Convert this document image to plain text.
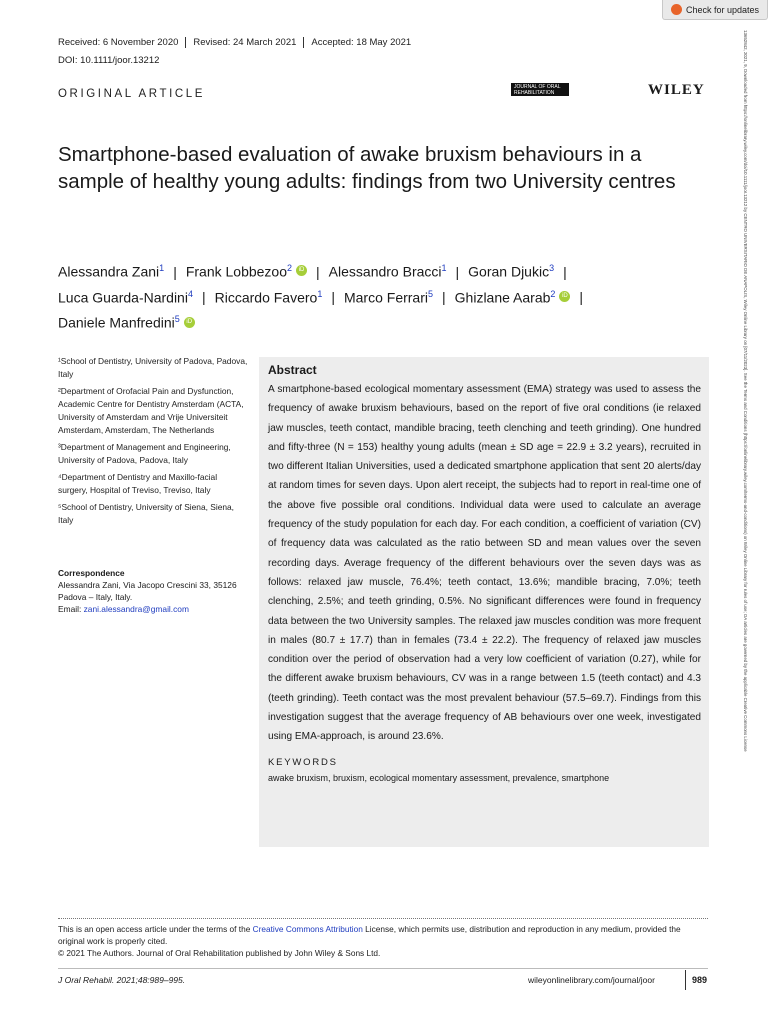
Check for updates
Received: 6 November 2020 Revised: 24 March 2021 Accepted: 18 May 2021
DOI: 10.1111/joor.13212
ORIGINAL ARTICLE
JOURNAL OF ORAL
REHABILITATION	WILEY
Smartphone-based evaluation of awake bruxism behaviours in a sample of healthy young adults: findings from two University centres
Alessandra Zani$^1$ | Frank Lobbezoo$^2$ iD | Alessandro Bracci$^1$ | Goran Djukic$^3$ |
Luca Guarda-Nardini$^4$ | Riccardo Favero$^1$ | Marco Ferrari$^5$ | Ghizlane Aarab$^2$ iD |
Daniele Manfredini$^5$ iD

¹School of Dentistry, University of Padova, Padova, Italy

²Department of Orofacial Pain and Dysfunction, Academic Centre for Dentistry Amsterdam (ACTA, University of Amsterdam and Vrije Universiteit Amsterdam, Amsterdam, The Netherlands

³Department of Management and Engineering, University of Padova, Padova, Italy

⁴Department of Dentistry and Maxillo-facial surgery, Hospital of Treviso, Treviso, Italy

⁵School of Dentistry, University of Siena, Siena, Italy

Correspondence
Alessandra Zani, Via Jacopo Crescini 33, 35126 Padova – Italy, Italy.
Email: zani.alessandra@gmail.com
Abstract
A smartphone-based ecological momentary assessment (EMA) strategy was used to assess the frequency of awake bruxism behaviours, based on the report of five oral conditions (ie relaxed jaw muscles, teeth contact, mandible bracing, teeth clenching and teeth grinding). One hundred and fifty-three (N = 153) healthy young adults (mean ± SD age = 22.9 ± 3.2 years), recruited in two different Italian Universities, used a dedicated smartphone application that sent 20 alerts/day at random times for seven days. Upon alert receipt, the subjects had to report in real-time one of the above five possible oral conditions. Individual data were used to calculate an average frequency of the study population for each day. For each condition, a coefficient of variation (CV) of frequency data was calculated as the ratio between SD and mean values over the seven recording days. Average frequency of the different behaviours over the seven days was as follows: relaxed jaw muscle, 76.4%; teeth contact, 13.6%; mandible bracing, 7.0%; teeth clenching, 2.5%; and teeth grinding, 0.5%. No significant differences were found in frequency data between the two University samples. The relaxed jaw muscles condition was more frequent in males (80.7 ± 17.7) than in females (73.4 ± 22.2). The frequency of relaxed jaw muscles condition over the period of observation had a very low coefficient of variation (0.27), while for the different awake bruxism behaviours, CV was in a range between 1.5 (teeth contact) and 4.3 (teeth grinding). Teeth contact was the most prevalent behaviour (57.5–69.7). Findings from this investigation suggest that the average frequency of AB behaviours over one week, investigated using EMA-approach, is around 23.6%.
KEYWORDS
awake bruxism, bruxism, ecological momentary assessment, prevalence, smartphone
This is an open access article under the terms of the Creative Commons Attribution License, which permits use, distribution and reproduction in any medium, provided the original work is properly cited.
© 2021 The Authors. Journal of Oral Rehabilitation published by John Wiley & Sons Ltd.
J Oral Rehabil. 2021;48:989–995.	wileyonlinelibrary.com/journal/joor	989
13652842, 2021, 9, Downloaded from https://onlinelibrary.wiley.com/doi/10.1111/joor.13212 by CENTRO UNIVERSITARIO DE ANAPOLIS, Wiley Online Library on [07/11/2023]. See the Terms and Conditions (https://onlinelibrary.wiley.com/terms-and-conditions) on Wiley Online Library for rules of use; OA articles are governed by the applicable Creative Commons License
